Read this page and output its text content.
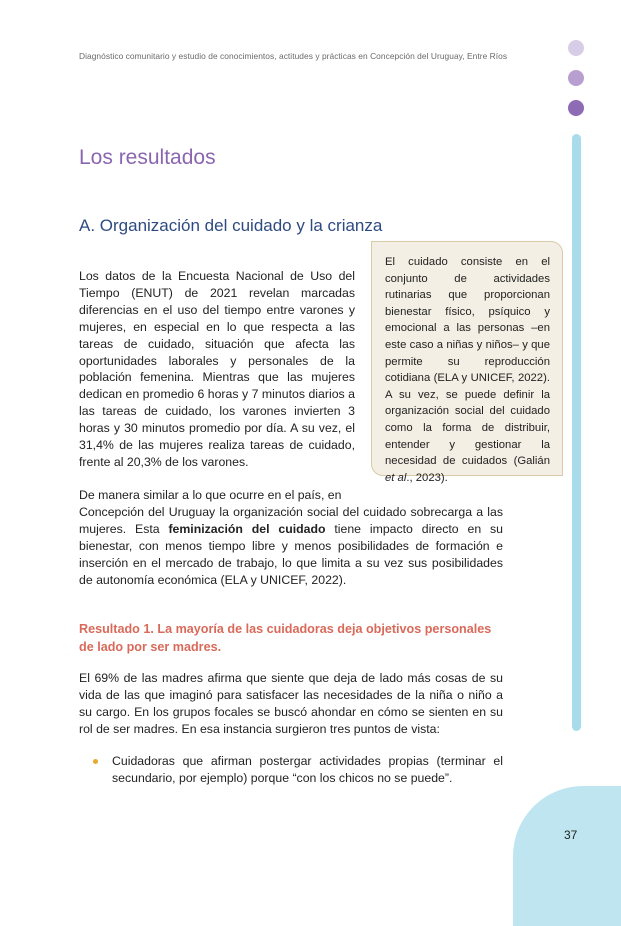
Diagnóstico comunitario y estudio de conocimientos, actitudes y prácticas en Concepción del Uruguay, Entre Ríos
Los resultados
A. Organización del cuidado y la crianza

Los datos de la Encuesta Nacional de Uso del Tiempo (ENUT) de 2021 revelan marcadas diferencias en el uso del tiempo entre varones y mujeres, en especial en lo que respecta a las tareas de cuidado, situación que afecta las oportunidades laborales y personales de la población femenina. Mientras que las mujeres dedican en promedio 6 horas y 7 minutos diarios a las tareas de cuidado, los varones invierten 3 horas y 30 minutos promedio por día. A su vez, el 31,4% de las mujeres realiza tareas de cuidado, frente al 20,3% de los varones.

El cuidado consiste en el conjunto de actividades rutinarias que proporcionan bienestar físico, psíquico y emocional a las personas –en este caso a niñas y niños– y que permite su reproducción cotidiana (ELA y UNICEF, 2022). A su vez, se puede definir la organización social del cuidado como la forma de distribuir, entender y gestionar la necesidad de cuidados (Galián et al., 2023).

De manera similar a lo que ocurre en el país, en
Concepción del Uruguay la organización social del cuidado sobrecarga a las mujeres. Esta feminización del cuidado tiene impacto directo en su bienestar, con menos tiempo libre y menos posibilidades de formación e inserción en el mercado de trabajo, lo que limita a su vez sus posibilidades de autonomía económica (ELA y UNICEF, 2022).

Resultado 1. La mayoría de las cuidadoras deja objetivos personales de lado por ser madres.

El 69% de las madres afirma que siente que deja de lado más cosas de su vida de las que imaginó para satisfacer las necesidades de la niña o niño a su cargo. En los grupos focales se buscó ahondar en cómo se sienten en su rol de ser madres. En esa instancia surgieron tres puntos de vista:

Cuidadoras que afirman postergar actividades propias (terminar el secundario, por ejemplo) porque “con los chicos no se puede”.
37
